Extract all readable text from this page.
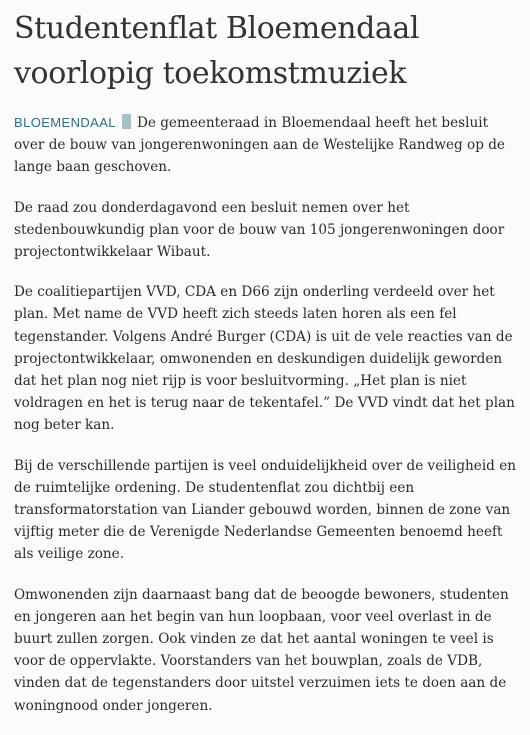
Studentenflat Bloemendaal
voorlopig toekomstmuziek

BLOEMENDAAL De gemeenteraad in Bloemendaal heeft het besluit over de bouw van jongerenwoningen aan de Westelijke Randweg op de lange baan geschoven.

De raad zou donderdagavond een besluit nemen over het stedenbouwkundig plan voor de bouw van 105 jongerenwoningen door projectontwikkelaar Wibaut.

De coalitiepartijen VVD, CDA en D66 zijn onderling verdeeld over het plan. Met name de VVD heeft zich steeds laten horen als een fel tegenstander. Volgens André Burger (CDA) is uit de vele reacties van de projectontwikkelaar, omwonenden en deskundigen duidelijk geworden dat het plan nog niet rijp is voor besluitvorming. „Het plan is niet voldragen en het is terug naar de tekentafel.” De VVD vindt dat het plan nog beter kan.

Bij de verschillende partijen is veel onduidelijkheid over de veiligheid en de ruimtelijke ordening. De studentenflat zou dichtbij een transformatorstation van Liander gebouwd worden, binnen de zone van vijftig meter die de Verenigde Nederlandse Gemeenten benoemd heeft als veilige zone.

Omwonenden zijn daarnaast bang dat de beoogde bewoners, studenten en jongeren aan het begin van hun loopbaan, voor veel overlast in de buurt zullen zorgen. Ook vinden ze dat het aantal woningen te veel is voor de oppervlakte. Voorstanders van het bouwplan, zoals de VDB, vinden dat de tegenstanders door uitstel verzuimen iets te doen aan de woningnood onder jongeren.
